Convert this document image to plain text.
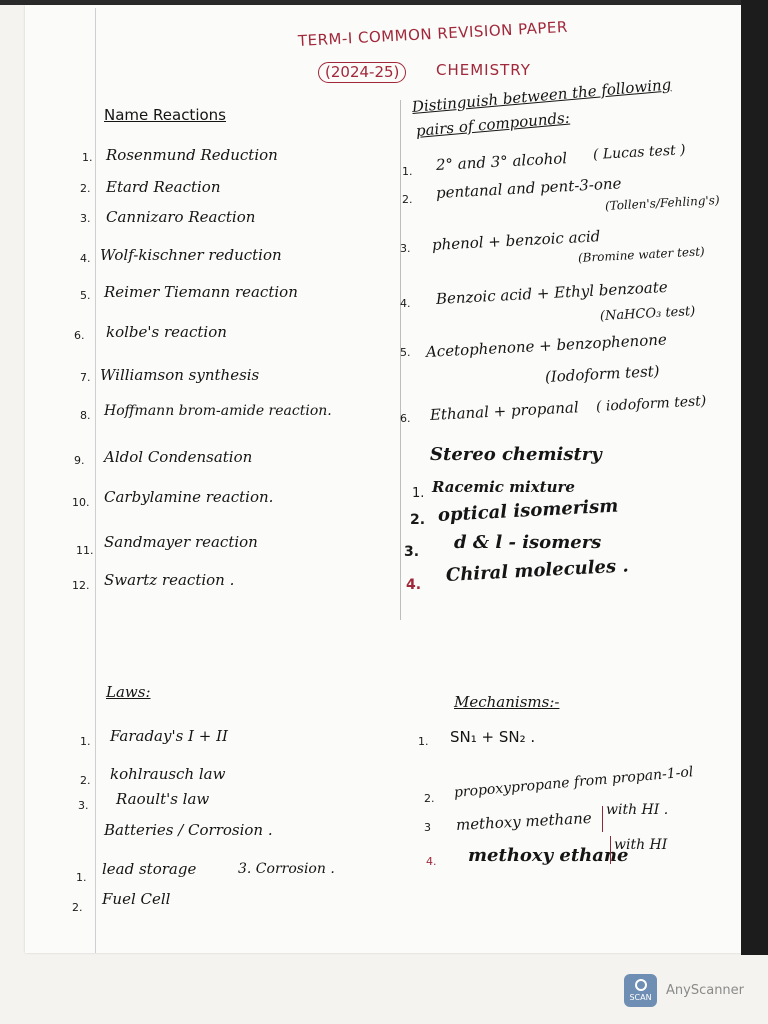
TERM-I COMMON REVISION PAPER
(2024-25)	CHEMISTRY
Name Reactions
1. Rosenmund Reduction
2. Etard Reaction
3. Cannizaro Reaction
4. Wolf-kischner reduction
5. Reimer Tiemann reaction
6. kolbe's reaction
7. Williamson synthesis
8. Hoffmann brom-amide reaction.
9. Aldol Condensation
10. Carbylamine reaction.
11. Sandmayer reaction
12. Swartz reaction .
Distinguish between the following
pairs of compounds:
1. 2° and 3° alcohol ( Lucas test )
2. pentanal and pent-3-one
(Tollen's/Fehling's)
3. phenol + benzoic acid
(Bromine water test)
4. Benzoic acid + Ethyl benzoate
(NaHCO₃ test)
5. Acetophenone + benzophenone
(Iodoform test)
6. Ethanal + propanal ( iodoform test)
Stereo chemistry
1. Racemic mixture
2. optical isomerism
3. d & l - isomers
4. Chiral molecules .
Laws:
1. Faraday's I + II
2. kohlrausch law
3. Raoult's law
Batteries / Corrosion .
1. lead storage	3. Corrosion .
2. Fuel Cell
Mechanisms:-
1. SN₁ + SN₂ .
2. propoxypropane from propan-1-ol
3 methoxy methane with HI .
4. methoxy ethane
with HI
SCAN AnyScanner
